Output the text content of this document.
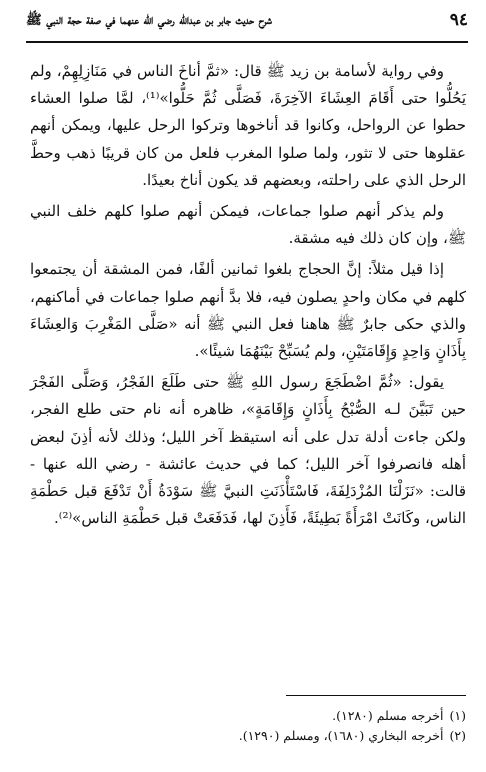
٩٤
شرح حديث جابر بن عبدالله رضي الله عنهما في صفة حجة النبي ﷺ

وفي رواية لأسامة بن زيد ﷺ قال: «ثمَّ أناخَ الناس في مَنَازِلِهِمْ، ولم يَحُلُّوا حتى أَقَامَ العِشَاءَ الآخِرَةَ، فَصَلَّى ثُمَّ حَلُّوا»⁽¹⁾، لمَّا صلوا العشاء حطوا عن الرواحل، وكانوا قد أناخوها وتركوا الرحل عليها، ويمكن أنهم عقلوها حتى لا تثور، ولما صلوا المغرب فلعل من كان قريبًا ذهب وحطَّ الرحل الذي على راحلته، وبعضهم قد يكون أناخ بعيدًا.

ولم يذكر أنهم صلوا جماعات، فيمكن أنهم صلوا كلهم خلف النبي ﷺ، وإن كان ذلك فيه مشقة.

إذا قيل مثلاً: إنَّ الحجاج بلغوا ثمانين ألفًا، فمن المشقة أن يجتمعوا كلهم في مكان واحدٍ يصلون فيه، فلا بدَّ أنهم صلوا جماعات في أماكنهم، والذي حكى جابرٌ ﷺ هاهنا فعل النبي ﷺ أنه «صَلَّى المَغْرِبَ وَالعِشَاءَ بِأَذَانٍ وَاحِدٍ وَإِقَامَتَيْنِ، ولم يُسَبِّحْ بَيْنَهُمَا شيئًا».

يقول: «ثُمَّ اضْطَجَعَ رسول اللهِ ﷺ حتى طَلَعَ الفَجْرُ، وَصَلَّى الفَجْرَ حين تَبَيَّنَ لـه الصُّبْحُ بِأَذَانٍ وَإِقَامَةٍ»، ظاهره أنه نام حتى طلع الفجر، ولكن جاءت أدلة تدل على أنه استيقظ آخر الليل؛ وذلك لأنه أذِنَ لبعض أهله فانصرفوا آخر الليل؛ كما في حديث عائشة - رضي الله عنها - قالت: «نَزَلْنَا المُزْدَلِفَةَ، فَاسْتَأْذَنَتِ النبيَّ ﷺ سَوْدَةُ أَنْ تَدْفَعَ قبل حَطْمَةِ الناس، وكَانَتْ امْرَأَةً بَطِيئَةً، فَأَذِنَ لها، فَدَفَعَتْ قبل حَطْمَةِ الناس»⁽²⁾.

(١)
أخرجه مسلم (١٢٨٠).
(٢)
أخرجه البخاري (١٦٨٠)، ومسلم (١٢٩٠).
